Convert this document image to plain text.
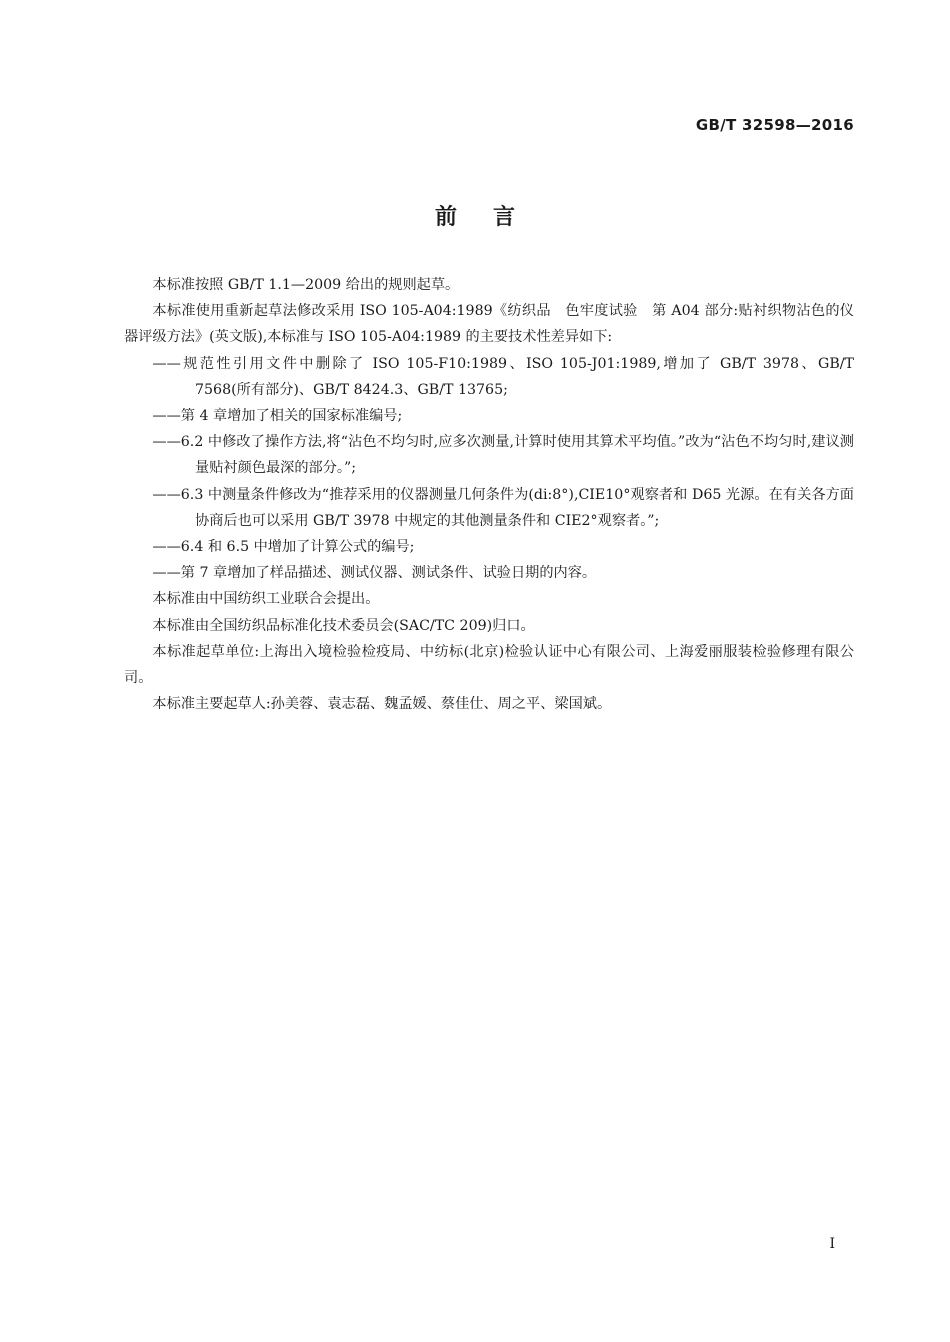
GB/T 32598—2016
前言

本标准按照 GB/T 1.1—2009 给出的规则起草。

本标准使用重新起草法修改采用 ISO 105-A04:1989《纺织品　色牢度试验　第 A04 部分:贴衬织物沾色的仪器评级方法》(英文版),本标准与 ISO 105-A04:1989 的主要技术性差异如下:

——规范性引用文件中删除了 ISO 105-F10:1989、ISO 105-J01:1989,增加了 GB/T 3978、GB/T 7568(所有部分)、GB/T 8424.3、GB/T 13765;

——第 4 章增加了相关的国家标准编号;

——6.2 中修改了操作方法,将“沾色不均匀时,应多次测量,计算时使用其算术平均值。”改为“沾色不均匀时,建议测量贴衬颜色最深的部分。”;

——6.3 中测量条件修改为“推荐采用的仪器测量几何条件为(di:8°),CIE10°观察者和 D65 光源。在有关各方面协商后也可以采用 GB/T 3978 中规定的其他测量条件和 CIE2°观察者。”;

——6.4 和 6.5 中增加了计算公式的编号;

——第 7 章增加了样品描述、测试仪器、测试条件、试验日期的内容。

本标准由中国纺织工业联合会提出。

本标准由全国纺织品标准化技术委员会(SAC/TC 209)归口。

本标准起草单位:上海出入境检验检疫局、中纺标(北京)检验认证中心有限公司、上海爱丽服装检验修理有限公司。

本标准主要起草人:孙美蓉、袁志磊、魏孟媛、蔡佳仕、周之平、梁国斌。

I
